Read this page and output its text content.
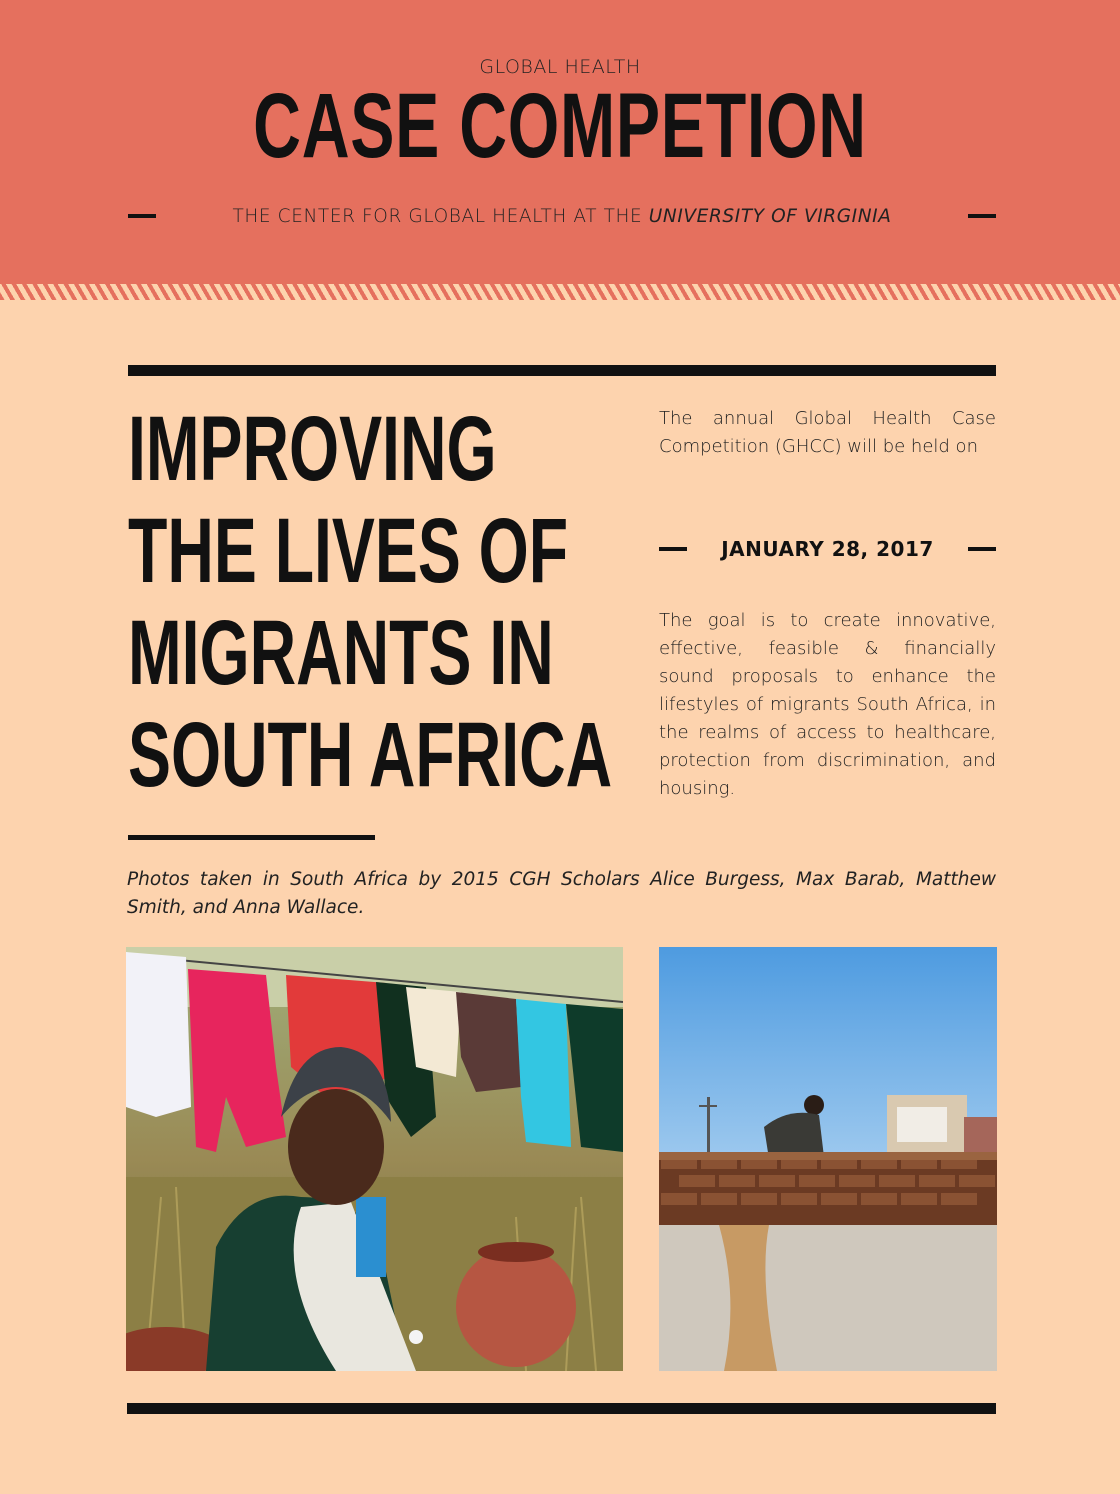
GLOBAL HEALTH
CASE COMPETION
THE CENTER FOR GLOBAL HEALTH AT THE UNIVERSITY OF VIRGINIA
IMPROVING
THE LIVES OF
MIGRANTS IN
SOUTH AFRICA
The annual Global Health Case Competition (GHCC) will be held on
JANUARY 28, 2017
The goal is to create innovative, effective, feasible & financially sound proposals to enhance the lifestyles of migrants South Africa, in the realms of access to healthcare, protection from discrimination, and housing.
Photos taken in South Africa by 2015 CGH Scholars Alice Burgess, Max Barab, Matthew Smith, and Anna Wallace.
